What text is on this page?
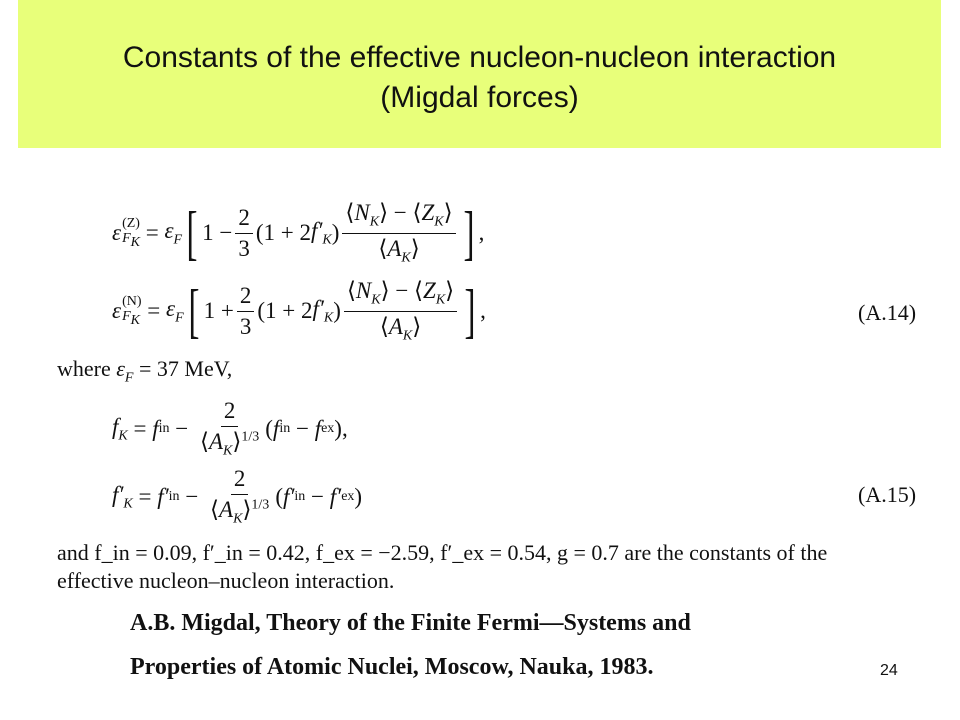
Constants of the effective nucleon-nucleon interaction
(Migdal forces)
ε (Z)
$F_K = \varepsilon_F$ [ $1 - \frac{2}{3} (1 + 2$ $f'_K$ ) $\frac{⟨N_K⟩ - ⟨Z_K⟩}{⟨A_K⟩}$ ] ,
ε (N)
$F_K = \varepsilon_F$ [ $1 + \frac{2}{3} (1 + 2$ $f'_K$ ) $\frac{⟨N_K⟩ - ⟨Z_K⟩}{⟨A_K⟩}$ ] ,	(A.14)
where $\varepsilon_F = 37$ MeV,
$f_K = f$ in − $\frac{2}{⟨A_K⟩^{1/3}}$ ( f in − f ex ),
$f'_K = f'$ in − $\frac{2}{⟨A_K⟩^{1/3}}$ ( f′ in − f′ ex )	(A.15)
and f_in = 0.09, f′_in = 0.42, f_ex = −2.59, f′_ex = 0.54, g = 0.7 are the constants of the
effective nucleon–nucleon interaction.
A.B. Migdal, Theory of the Finite Fermi—Systems and
Properties of Atomic Nuclei, Moscow, Nauka, 1983.	24
